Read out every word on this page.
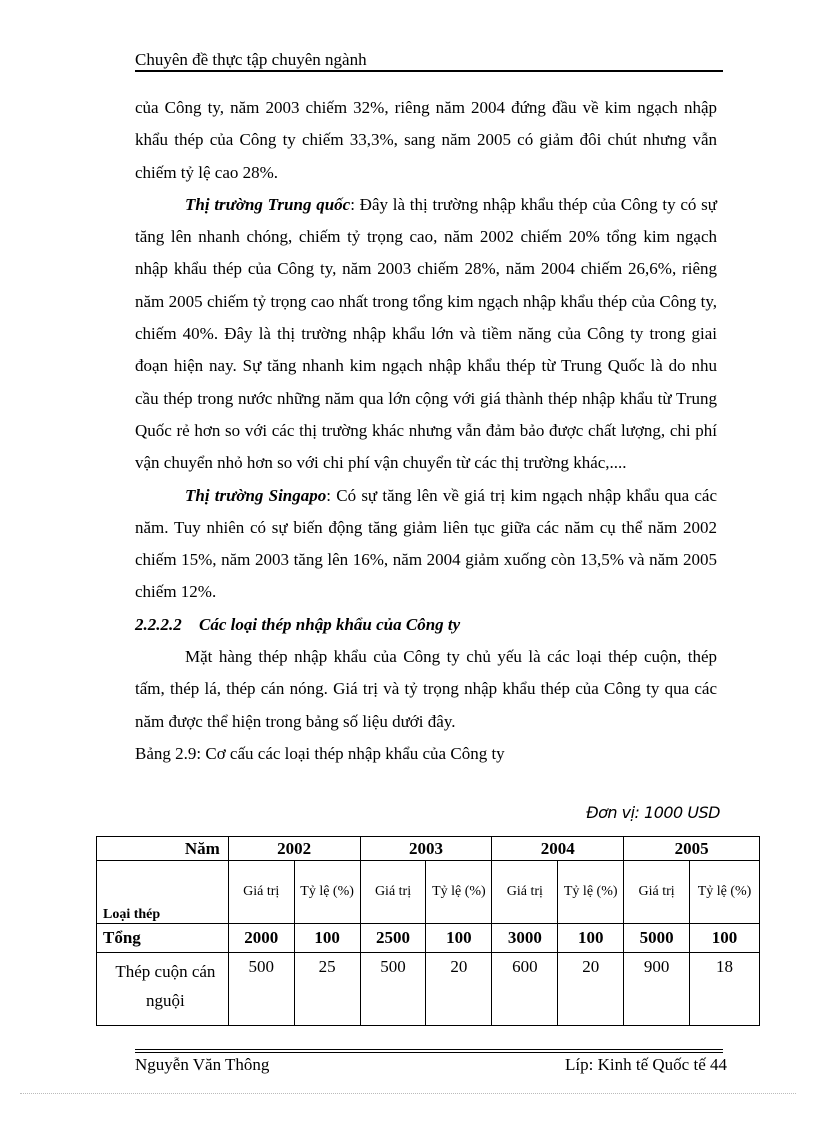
Chuyên đề thực tập chuyên ngành

của Công ty, năm 2003 chiếm 32%, riêng năm 2004 đứng đầu về kim ngạch nhập khẩu thép của Công ty chiếm 33,3%, sang năm 2005 có giảm đôi chút nhưng vẫn chiếm tỷ lệ cao 28%.

Thị trường Trung quốc: Đây là thị trường nhập khẩu thép của Công ty có sự tăng lên nhanh chóng, chiếm tỷ trọng cao, năm 2002 chiếm 20% tổng kim ngạch nhập khẩu thép của Công ty, năm 2003 chiếm 28%, năm 2004 chiếm 26,6%, riêng năm 2005 chiếm tỷ trọng cao nhất trong tổng kim ngạch nhập khẩu thép của Công ty, chiếm 40%. Đây là thị trường nhập khẩu lớn và tiềm năng của Công ty trong giai đoạn hiện nay. Sự tăng nhanh kim ngạch nhập khẩu thép từ Trung Quốc là do nhu cầu thép trong nước những năm qua lớn cộng với giá thành thép nhập khẩu từ Trung Quốc rẻ hơn so với các thị trường khác nhưng vẫn đảm bảo được chất lượng, chi phí vận chuyển nhỏ hơn so với chi phí vận chuyển từ các thị trường khác,....

Thị trường Singapo: Có sự tăng lên về giá trị kim ngạch nhập khẩu qua các năm. Tuy nhiên có sự biến động tăng giảm liên tục giữa các năm cụ thể năm 2002 chiếm 15%, năm 2003 tăng lên 16%, năm 2004 giảm xuống còn 13,5% và năm 2005 chiếm 12%.

2.2.2.2 Các loại thép nhập khẩu của Công ty

Mặt hàng thép nhập khẩu của Công ty chủ yếu là các loại thép cuộn, thép tấm, thép lá, thép cán nóng. Giá trị và tỷ trọng nhập khẩu thép của Công ty qua các năm được thể hiện trong bảng số liệu dưới đây.

Bảng 2.9: Cơ cấu các loại thép nhập khẩu của Công ty

Đơn vị: 1000 USD
Năm	2002		2003		2004		2005	
Loại thép	Giá trị	Tỷ lệ (%)	Giá trị	Tỷ lệ (%)	Giá trị	Tỷ lệ (%)	Giá trị	Tỷ lệ (%)
Tổng	2000	100	2500	100	3000	100	5000	100
Thép cuộn cán nguội	500	25	500	20	600	20	900	18
Nguyễn Văn Thông	Líp: Kinh tế Quốc tế 44
